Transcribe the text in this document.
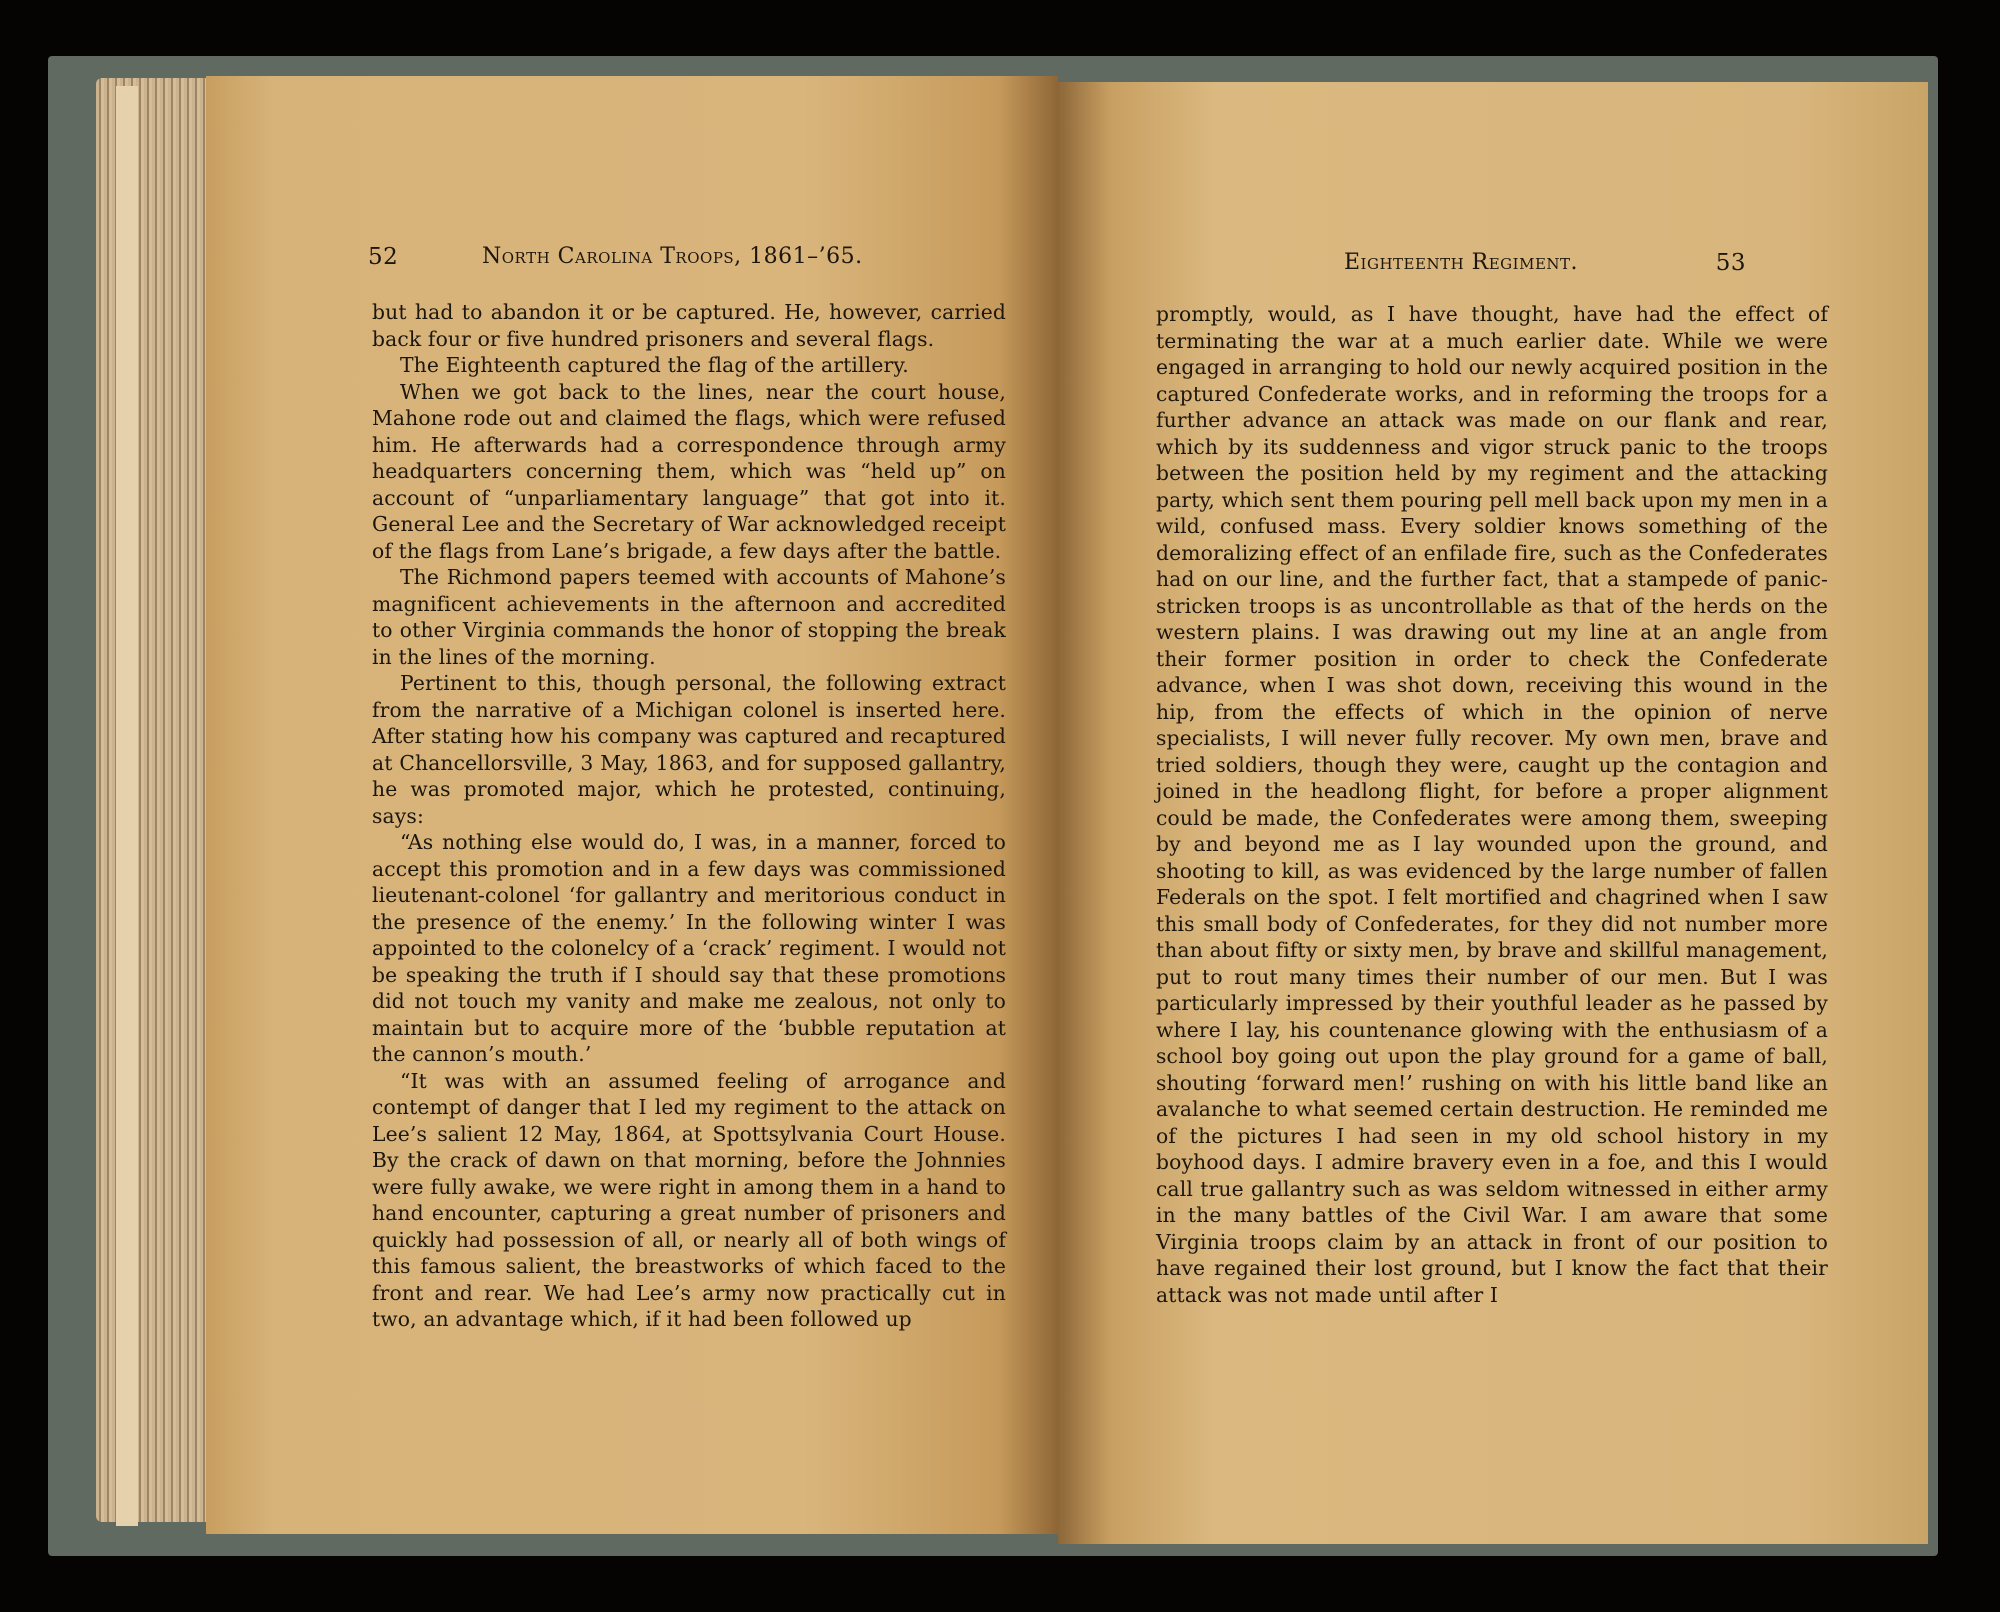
52	North Carolina Troops, 1861–’65.

but had to abandon it or be captured. He, however, carried back four or five hundred prisoners and several flags.

The Eighteenth captured the flag of the artillery.

When we got back to the lines, near the court house, Mahone rode out and claimed the flags, which were refused him. He afterwards had a correspondence through army headquarters concerning them, which was “held up” on account of “unparliamentary language” that got into it. General Lee and the Secretary of War acknowledged receipt of the flags from Lane’s brigade, a few days after the battle.

The Richmond papers teemed with accounts of Mahone’s magnificent achievements in the afternoon and accredited to other Virginia commands the honor of stopping the break in the lines of the morning.

Pertinent to this, though personal, the following extract from the narrative of a Michigan colonel is inserted here. After stating how his company was captured and recaptured at Chancellorsville, 3 May, 1863, and for supposed gallantry, he was promoted major, which he protested, continuing, says:

“As nothing else would do, I was, in a manner, forced to accept this promotion and in a few days was commissioned lieutenant-colonel ‘for gallantry and meritorious conduct in the presence of the enemy.’ In the following winter I was appointed to the colonelcy of a ‘crack’ regiment. I would not be speaking the truth if I should say that these promotions did not touch my vanity and make me zealous, not only to maintain but to acquire more of the ‘bubble reputation at the cannon’s mouth.’

“It was with an assumed feeling of arrogance and contempt of danger that I led my regiment to the attack on Lee’s salient 12 May, 1864, at Spottsylvania Court House. By the crack of dawn on that morning, before the Johnnies were fully awake, we were right in among them in a hand to hand encounter, capturing a great number of prisoners and quickly had possession of all, or nearly all of both wings of this famous salient, the breastworks of which faced to the front and rear. We had Lee’s army now practically cut in two, an advantage which, if it had been followed up

Eighteenth Regiment.	53

promptly, would, as I have thought, have had the effect of terminating the war at a much earlier date. While we were engaged in arranging to hold our newly acquired position in the captured Confederate works, and in reforming the troops for a further advance an attack was made on our flank and rear, which by its suddenness and vigor struck panic to the troops between the position held by my regiment and the attacking party, which sent them pouring pell mell back upon my men in a wild, confused mass. Every soldier knows something of the demoralizing effect of an enfilade fire, such as the Confederates had on our line, and the further fact, that a stampede of panic-stricken troops is as uncontrollable as that of the herds on the western plains. I was drawing out my line at an angle from their former position in order to check the Confederate advance, when I was shot down, receiving this wound in the hip, from the effects of which in the opinion of nerve specialists, I will never fully recover. My own men, brave and tried soldiers, though they were, caught up the contagion and joined in the headlong flight, for before a proper alignment could be made, the Confederates were among them, sweeping by and beyond me as I lay wounded upon the ground, and shooting to kill, as was evidenced by the large number of fallen Federals on the spot. I felt mortified and chagrined when I saw this small body of Confederates, for they did not number more than about fifty or sixty men, by brave and skillful management, put to rout many times their number of our men. But I was particularly impressed by their youthful leader as he passed by where I lay, his countenance glowing with the enthusiasm of a school boy going out upon the play ground for a game of ball, shouting ‘forward men!’ rushing on with his little band like an avalanche to what seemed certain destruction. He reminded me of the pictures I had seen in my old school history in my boyhood days. I admire bravery even in a foe, and this I would call true gallantry such as was seldom witnessed in either army in the many battles of the Civil War. I am aware that some Virginia troops claim by an attack in front of our position to have regained their lost ground, but I know the fact that their attack was not made until after I
